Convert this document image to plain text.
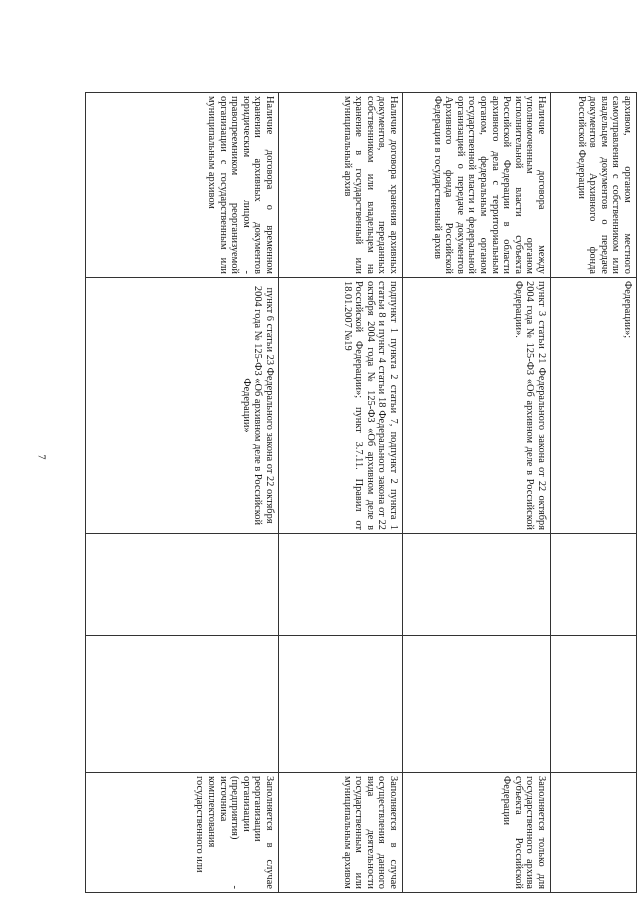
7
архивом, органом местного самоуправления с собственником или владельцем документов о передаче документов Архивного фонда Российской Федерации	Федерации»;			

Наличие договора между уполномоченным органом исполнительной власти субъекта Российской Федерации в области архивного дела с территориальным органом, федеральным органом государственной власти и федеральной организацией о передаче документов Архивного фонда Российской Федерации в государственный архив	пункт 3 статьи 21 Федерального закона от 22 октября 2004 года № 125-ФЗ «Об архивном деле в Российской Федерации».			Заполняется только для государственного архива субъекта Российской Федерации

Наличие договора хранения архивных документов, переданных собственником или владельцем на хранение в государственный или муниципальный архив	подпункт 1 пункта 2 статьи 7, подпункт 2 пункта 1 статьи 8 и пункт 4 статьи 18 Федерального закона от 22 октября 2004 года № 125-ФЗ «Об архивном деле в Российской Федерации»; пункт 3.7.11. Правил от 18.01.2007 №19			Заполняется в случае осуществления данного вида деятельности государственным или муниципальным архивом

Наличие договора о временном хранении архивных документов юридическим лицом - правопреемником реорганизуемой организации с государственным или муниципальным архивом	пункт 6 статьи 23 Федерального закона от 22 октября 2004 года № 125-ФЗ «Об архивном деле в Российской Федерации»			Заполняется в случае реорганизации организации (предприятия) - источника комплектования государственного или
